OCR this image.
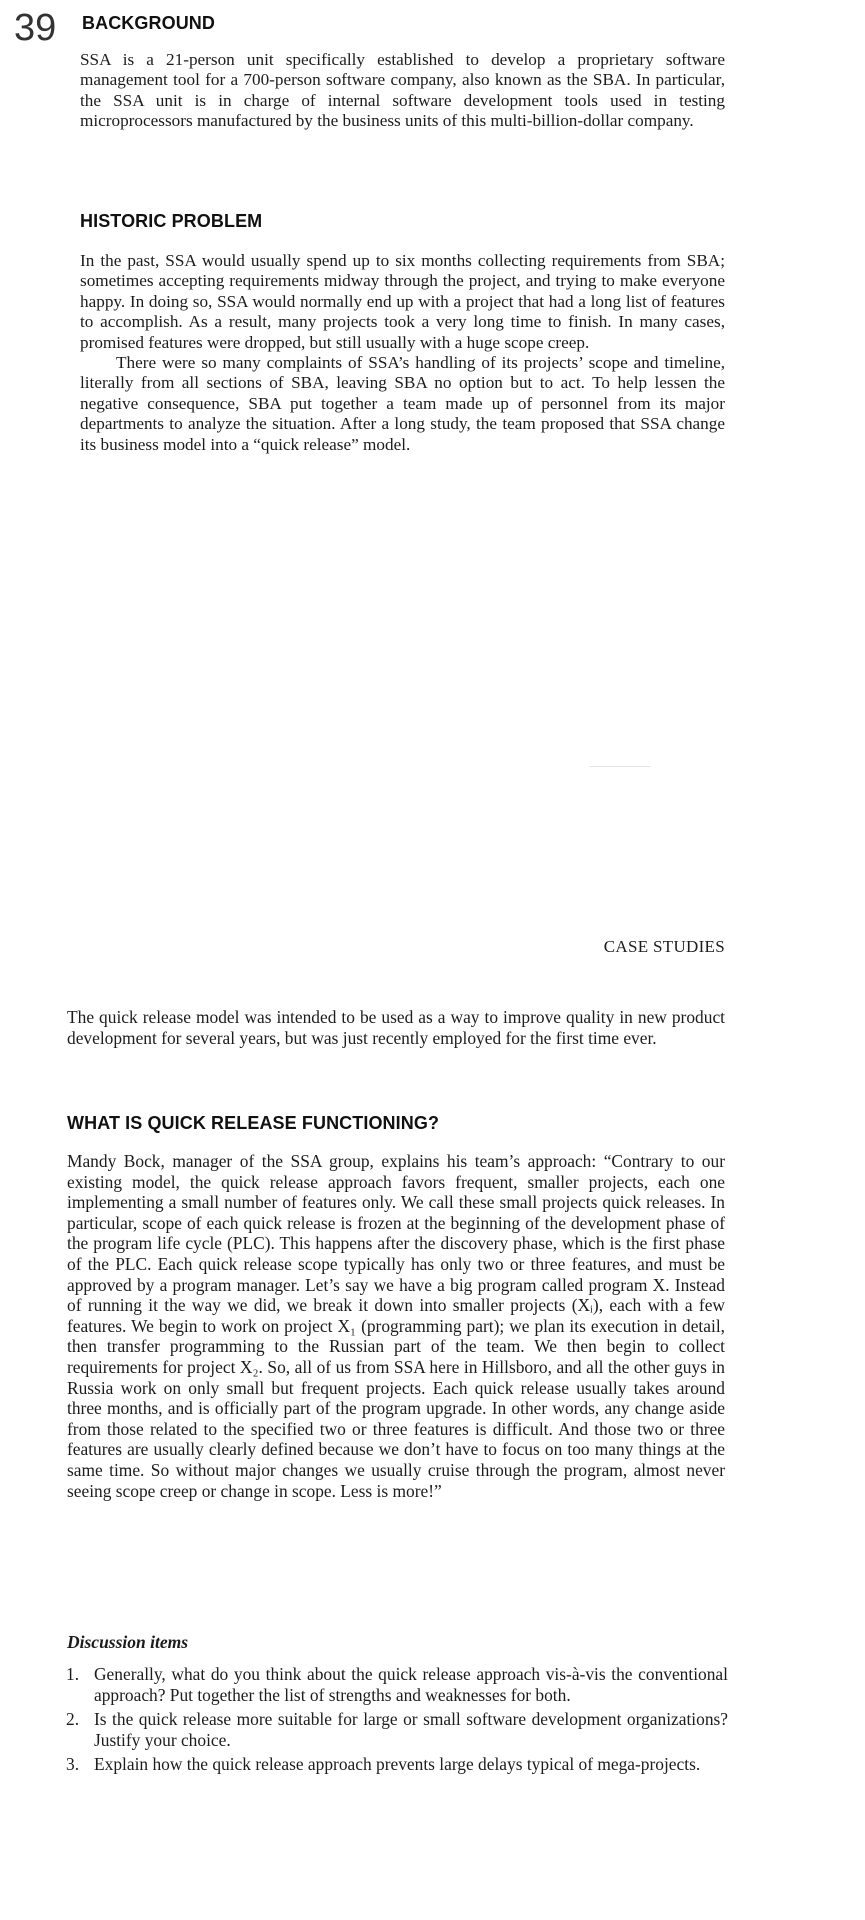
39 BACKGROUND

SSA is a 21-person unit specifically established to develop a proprietary software management tool for a 700-person software company, also known as the SBA. In particular, the SSA unit is in charge of internal software development tools used in testing microprocessors manufactured by the business units of this multi-billion-dollar company.

HISTORIC PROBLEM

In the past, SSA would usually spend up to six months collecting requirements from SBA; sometimes accepting requirements midway through the project, and trying to make everyone happy. In doing so, SSA would normally end up with a project that had a long list of features to accomplish. As a result, many projects took a very long time to finish. In many cases, promised features were dropped, but still usually with a huge scope creep.

There were so many complaints of SSA’s handling of its projects’ scope and timeline, literally from all sections of SBA, leaving SBA no option but to act. To help lessen the negative consequence, SBA put together a team made up of personnel from its major departments to analyze the situation. After a long study, the team proposed that SSA change its business model into a “quick release” model.

CASE STUDIES

The quick release model was intended to be used as a way to improve quality in new product development for several years, but was just recently employed for the first time ever.

WHAT IS QUICK RELEASE FUNCTIONING?

Mandy Bock, manager of the SSA group, explains his team’s approach: “Contrary to our existing model, the quick release approach favors frequent, smaller projects, each one implementing a small number of features only. We call these small projects quick releases. In particular, scope of each quick release is frozen at the beginning of the development phase of the program life cycle (PLC). This happens after the discovery phase, which is the first phase of the PLC. Each quick release scope typically has only two or three features, and must be approved by a program manager. Let’s say we have a big program called program X. Instead of running it the way we did, we break it down into smaller projects (Xᵢ), each with a few features. We begin to work on project X₁ (programming part); we plan its execution in detail, then transfer programming to the Russian part of the team. We then begin to collect requirements for project X₂. So, all of us from SSA here in Hillsboro, and all the other guys in Russia work on only small but frequent projects. Each quick release usually takes around three months, and is officially part of the program upgrade. In other words, any change aside from those related to the specified two or three features is difficult. And those two or three features are usually clearly defined because we don’t have to focus on too many things at the same time. So without major changes we usually cruise through the program, almost never seeing scope creep or change in scope. Less is more!”

Discussion items
1. Generally, what do you think about the quick release approach vis-à-vis the conventional approach? Put together the list of strengths and weaknesses for both.
2. Is the quick release more suitable for large or small software development organizations? Justify your choice.
3. Explain how the quick release approach prevents large delays typical of mega-projects.
